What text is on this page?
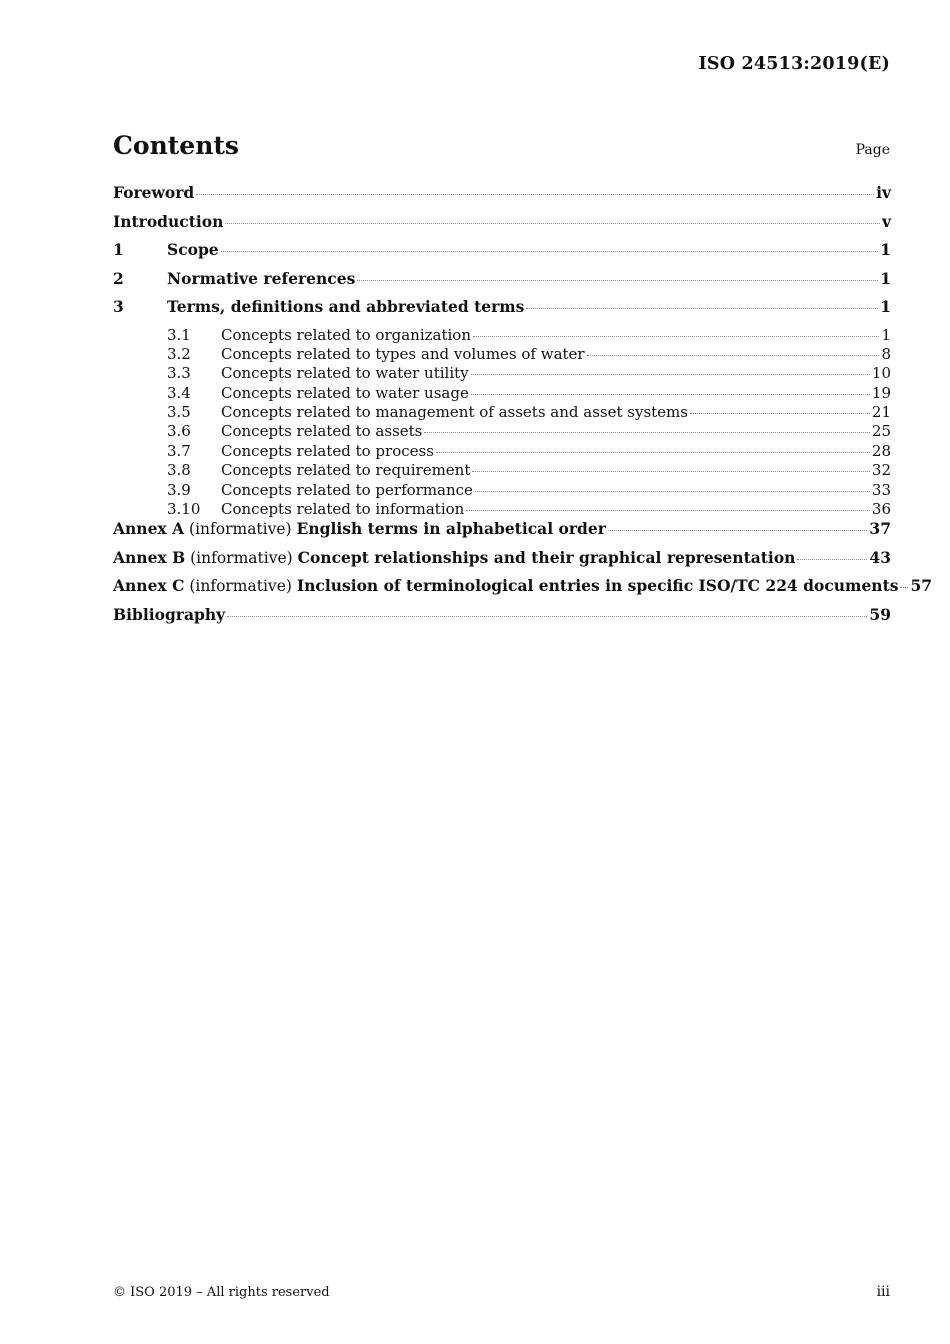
ISO 24513:2019(E)
Contents	Page
Foreword	iv
Introduction	v
1	Scope	1
2	Normative references	1
3	Terms, definitions and abbreviated terms	1
3.1	Concepts related to organization	1
3.2	Concepts related to types and volumes of water	8
3.3	Concepts related to water utility	10
3.4	Concepts related to water usage	19
3.5	Concepts related to management of assets and asset systems	21
3.6	Concepts related to assets	25
3.7	Concepts related to process	28
3.8	Concepts related to requirement	32
3.9	Concepts related to performance	33
3.10	Concepts related to information	36
Annex A (informative) English terms in alphabetical order	37
Annex B (informative) Concept relationships and their graphical representation	43
Annex C (informative) Inclusion of terminological entries in specific ISO/TC 224 documents 57
Bibliography	59
© ISO 2019 – All rights reserved	iii
